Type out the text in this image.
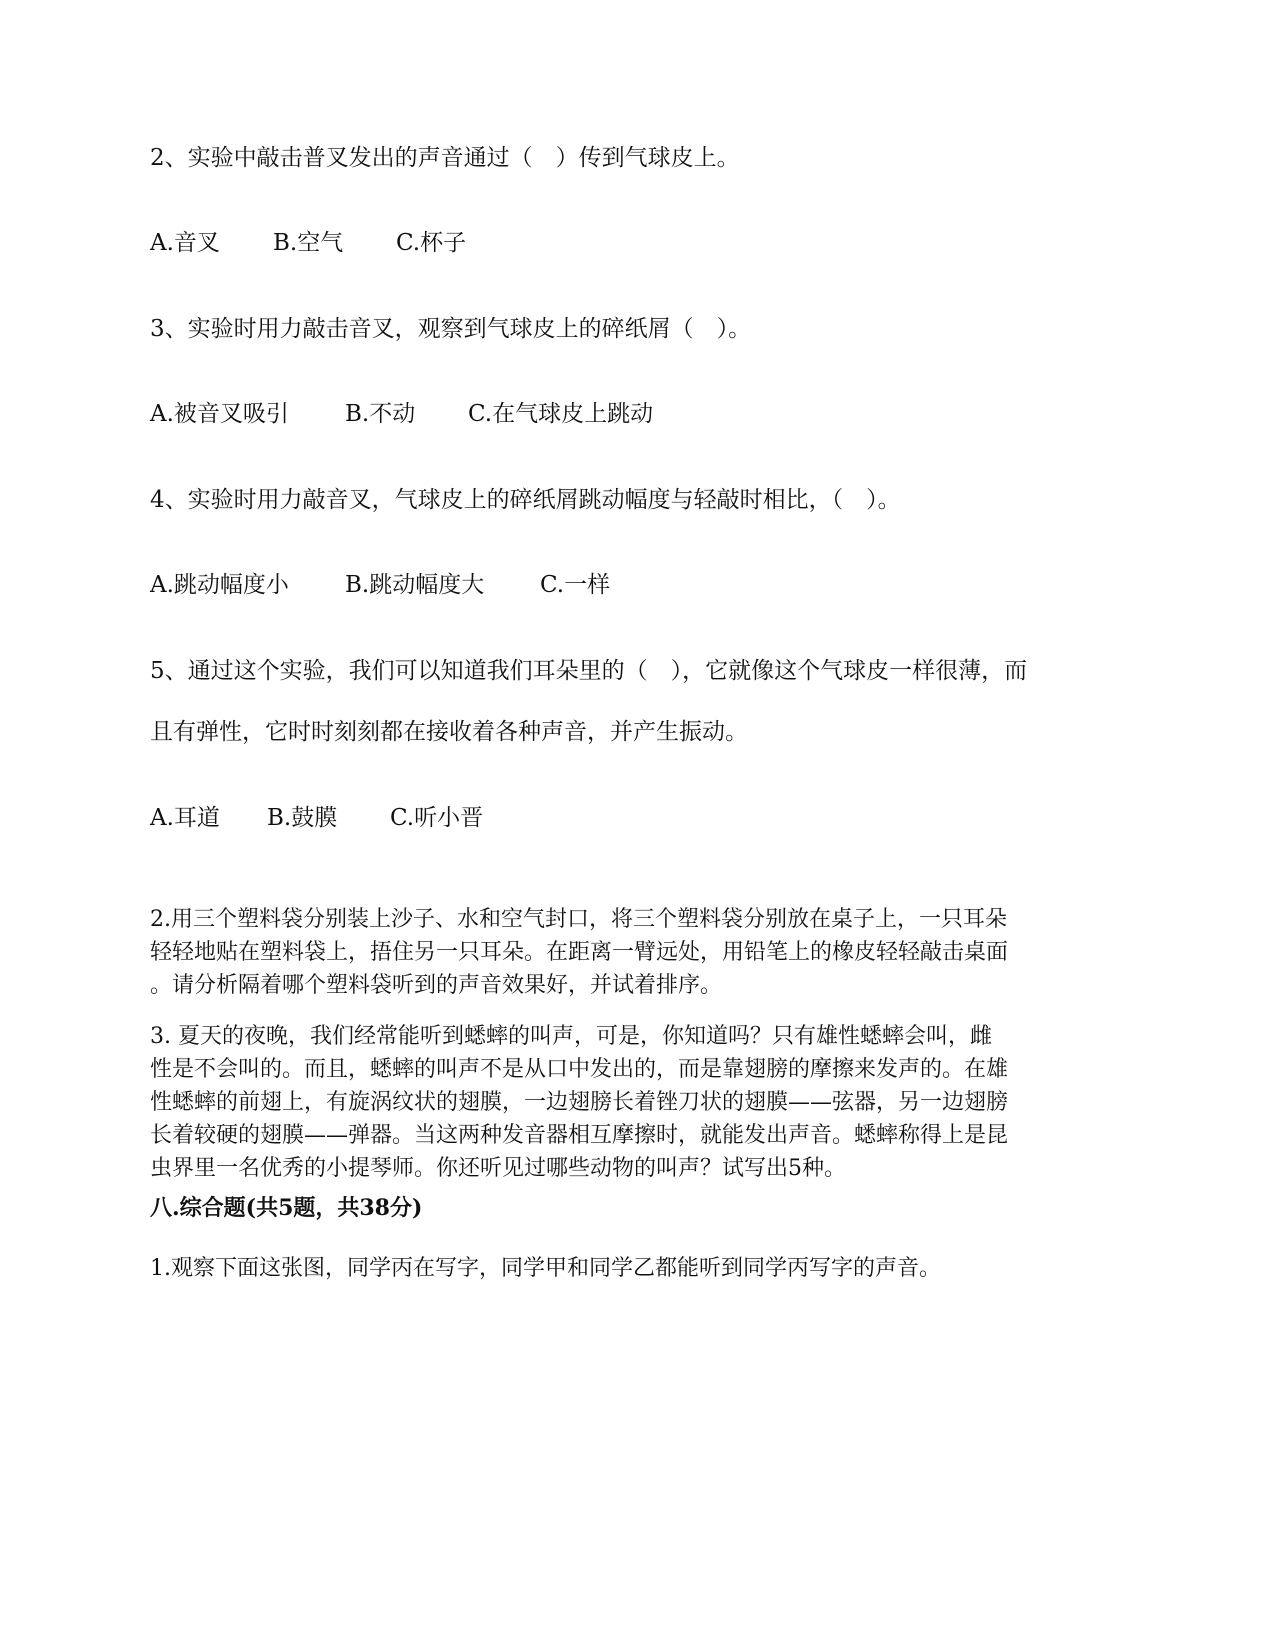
2、实验中敲击普叉发出的声音通过（　）传到气球皮上。
A.音叉 B.空气 C.杯子
3、实验时用力敲击音叉，观察到气球皮上的碎纸屑（　）。
A.被音叉吸引 B.不动 C.在气球皮上跳动
4、实验时用力敲音叉，气球皮上的碎纸屑跳动幅度与轻敲时相比，（　）。
A.跳动幅度小 B.跳动幅度大 C.一样
5、通过这个实验，我们可以知道我们耳朵里的（　），它就像这个气球皮一样很薄，而
且有弹性，它时时刻刻都在接收着各种声音，并产生振动。
A.耳道 B.鼓膜 C.听小晋
2.用三个塑料袋分别装上沙子、水和空气封口，将三个塑料袋分别放在桌子上，一只耳朵
轻轻地贴在塑料袋上，捂住另一只耳朵。在距离一臂远处，用铅笔上的橡皮轻轻敲击桌面
。请分析隔着哪个塑料袋听到的声音效果好，并试着排序。
3. 夏天的夜晚，我们经常能听到蟋蟀的叫声，可是，你知道吗？只有雄性蟋蟀会叫，雌
性是不会叫的。而且，蟋蟀的叫声不是从口中发出的，而是靠翅膀的摩擦来发声的。在雄
性蟋蟀的前翅上，有旋涡纹状的翅膜，一边翅膀长着锉刀状的翅膜——弦器，另一边翅膀
长着较硬的翅膜——弹器。当这两种发音器相互摩擦时，就能发出声音。蟋蟀称得上是昆
虫界里一名优秀的小提琴师。你还听见过哪些动物的叫声？试写出5种。
八.综合题(共5题，共38分)
1.观察下面这张图，同学丙在写字，同学甲和同学乙都能听到同学丙写字的声音。
